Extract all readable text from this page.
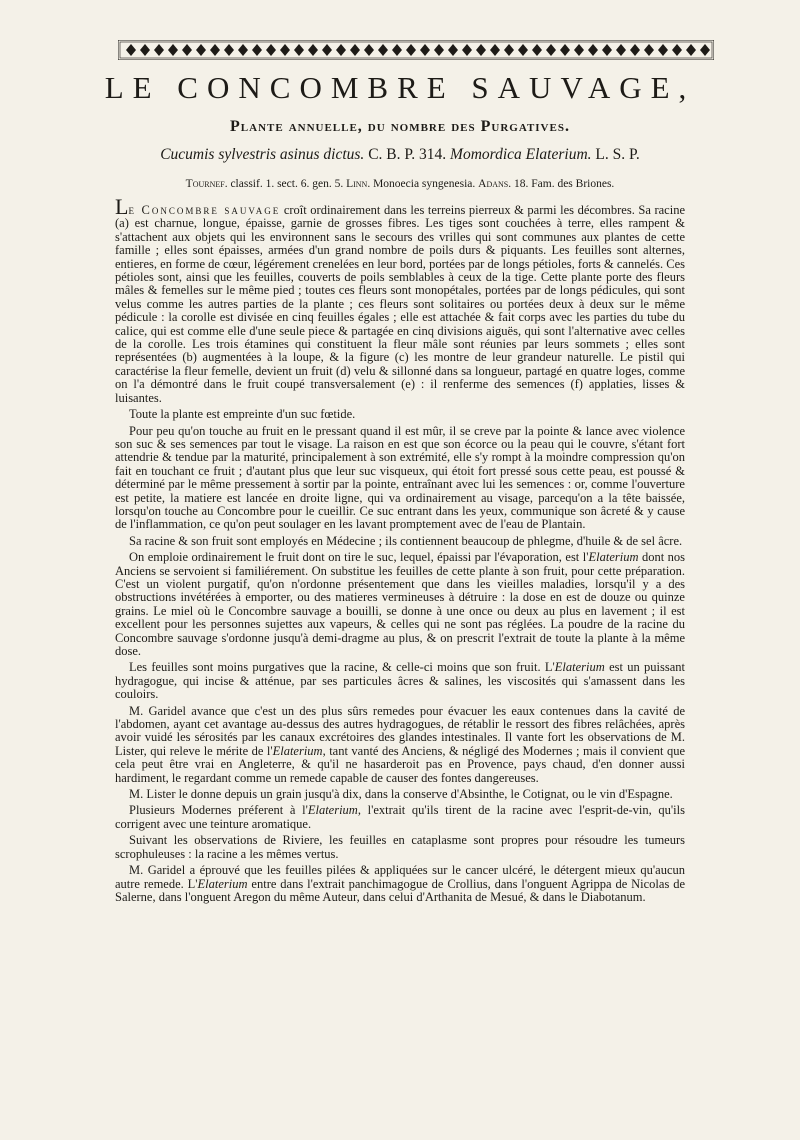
LE CONCOMBRE SAUVAGE,
Plante annuelle, du nombre des Purgatives.
Cucumis sylvestris asinus dictus. C. B. P. 314. Momordica Elaterium. L. S. P.
Tournef. classif. 1. sect. 6. gen. 5. Linn. Monoecia syngenesia. Adans. 18. Fam. des Briones.

Le Concombre sauvage croît ordinairement dans les terreins pierreux & parmi les décombres. Sa racine (a) est charnue, longue, épaisse, garnie de grosses fibres. Les tiges sont couchées à terre, elles rampent & s'attachent aux objets qui les environnent sans le secours des vrilles qui sont communes aux plantes de cette famille ; elles sont épaisses, armées d'un grand nombre de poils durs & piquants. Les feuilles sont alternes, entieres, en forme de cœur, légérement crenelées en leur bord, portées par de longs pétioles, forts & cannelés. Ces pétioles sont, ainsi que les feuilles, couverts de poils semblables à ceux de la tige. Cette plante porte des fleurs mâles & femelles sur le même pied ; toutes ces fleurs sont monopétales, portées par de longs pédicules, qui sont velus comme les autres parties de la plante ; ces fleurs sont solitaires ou portées deux à deux sur le même pédicule : la corolle est divisée en cinq feuilles égales ; elle est attachée & fait corps avec les parties du tube du calice, qui est comme elle d'une seule piece & partagée en cinq divisions aiguës, qui sont l'alternative avec celles de la corolle. Les trois étamines qui constituent la fleur mâle sont réunies par leurs sommets ; elles sont représentées (b) augmentées à la loupe, & la figure (c) les montre de leur grandeur naturelle. Le pistil qui caractérise la fleur femelle, devient un fruit (d) velu & sillonné dans sa longueur, partagé en quatre loges, comme on l'a démontré dans le fruit coupé transversalement (e) : il renferme des semences (f) applaties, lisses & luisantes.

Toute la plante est empreinte d'un suc fœtide.

Pour peu qu'on touche au fruit en le pressant quand il est mûr, il se creve par la pointe & lance avec violence son suc & ses semences par tout le visage. La raison en est que son écorce ou la peau qui le couvre, s'étant fort attendrie & tendue par la maturité, principalement à son extrémité, elle s'y rompt à la moindre compression qu'on fait en touchant ce fruit ; d'autant plus que leur suc visqueux, qui étoit fort pressé sous cette peau, est poussé & déterminé par le même pressement à sortir par la pointe, entraînant avec lui les semences : or, comme l'ouverture est petite, la matiere est lancée en droite ligne, qui va ordinairement au visage, parcequ'on a la tête baissée, lorsqu'on touche au Concombre pour le cueillir. Ce suc entrant dans les yeux, communique son âcreté & y cause de l'inflammation, ce qu'on peut soulager en les lavant promptement avec de l'eau de Plantain.

Sa racine & son fruit sont employés en Médecine ; ils contiennent beaucoup de phlegme, d'huile & de sel âcre.

On emploie ordinairement le fruit dont on tire le suc, lequel, épaissi par l'évaporation, est l'Elaterium dont nos Anciens se servoient si familiérement. On substitue les feuilles de cette plante à son fruit, pour cette préparation. C'est un violent purgatif, qu'on n'ordonne présentement que dans les vieilles maladies, lorsqu'il y a des obstructions invétérées à emporter, ou des matieres vermineuses à détruire : la dose en est de douze ou quinze grains. Le miel où le Concombre sauvage a bouilli, se donne à une once ou deux au plus en lavement ; il est excellent pour les personnes sujettes aux vapeurs, & celles qui ne sont pas réglées. La poudre de la racine du Concombre sauvage s'ordonne jusqu'à demi-dragme au plus, & on prescrit l'extrait de toute la plante à la même dose.

Les feuilles sont moins purgatives que la racine, & celle-ci moins que son fruit. L'Elaterium est un puissant hydragogue, qui incise & atténue, par ses particules âcres & salines, les viscosités qui s'amassent dans les couloirs.

M. Garidel avance que c'est un des plus sûrs remedes pour évacuer les eaux contenues dans la cavité de l'abdomen, ayant cet avantage au-dessus des autres hydragogues, de rétablir le ressort des fibres relâchées, après avoir vuidé les sérosités par les canaux excrétoires des glandes intestinales. Il vante fort les observations de M. Lister, qui releve le mérite de l'Elaterium, tant vanté des Anciens, & négligé des Modernes ; mais il convient que cela peut être vrai en Angleterre, & qu'il ne hasarderoit pas en Provence, pays chaud, d'en donner aussi hardiment, le regardant comme un remede capable de causer des fontes dangereuses.

M. Lister le donne depuis un grain jusqu'à dix, dans la conserve d'Absinthe, le Cotignat, ou le vin d'Espagne.

Plusieurs Modernes préferent à l'Elaterium, l'extrait qu'ils tirent de la racine avec l'esprit-de-vin, qu'ils corrigent avec une teinture aromatique.

Suivant les observations de Riviere, les feuilles en cataplasme sont propres pour résoudre les tumeurs scrophuleuses : la racine a les mêmes vertus.

M. Garidel a éprouvé que les feuilles pilées & appliquées sur le cancer ulcéré, le détergent mieux qu'aucun autre remede. L'Elaterium entre dans l'extrait panchimagogue de Crollius, dans l'onguent Agrippa de Nicolas de Salerne, dans l'onguent Aregon du même Auteur, dans celui d'Arthanita de Mesué, & dans le Diabotanum.
